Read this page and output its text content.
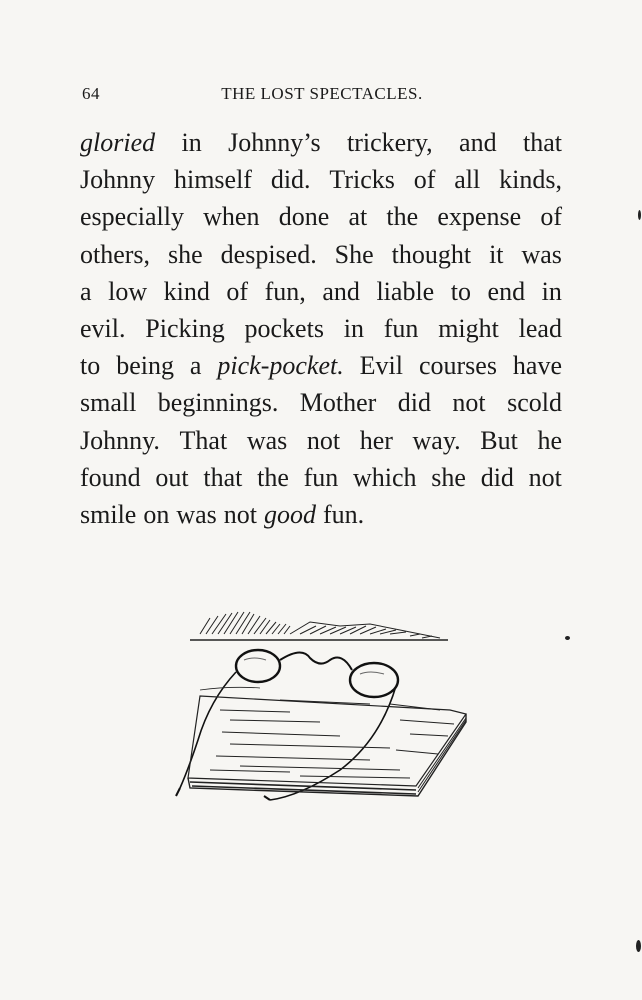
64	THE LOST SPECTACLES.
gloried in Johnny’s trickery, and that
Johnny himself did. Tricks of all kinds,
especially when done at the expense of
others, she despised. She thought it was
a low kind of fun, and liable to end in
evil. Picking pockets in fun might lead
to being a pick-pocket. Evil courses have
small beginnings. Mother did not scold
Johnny. That was not her way. But he
found out that the fun which she did not
smile on was not good fun.
